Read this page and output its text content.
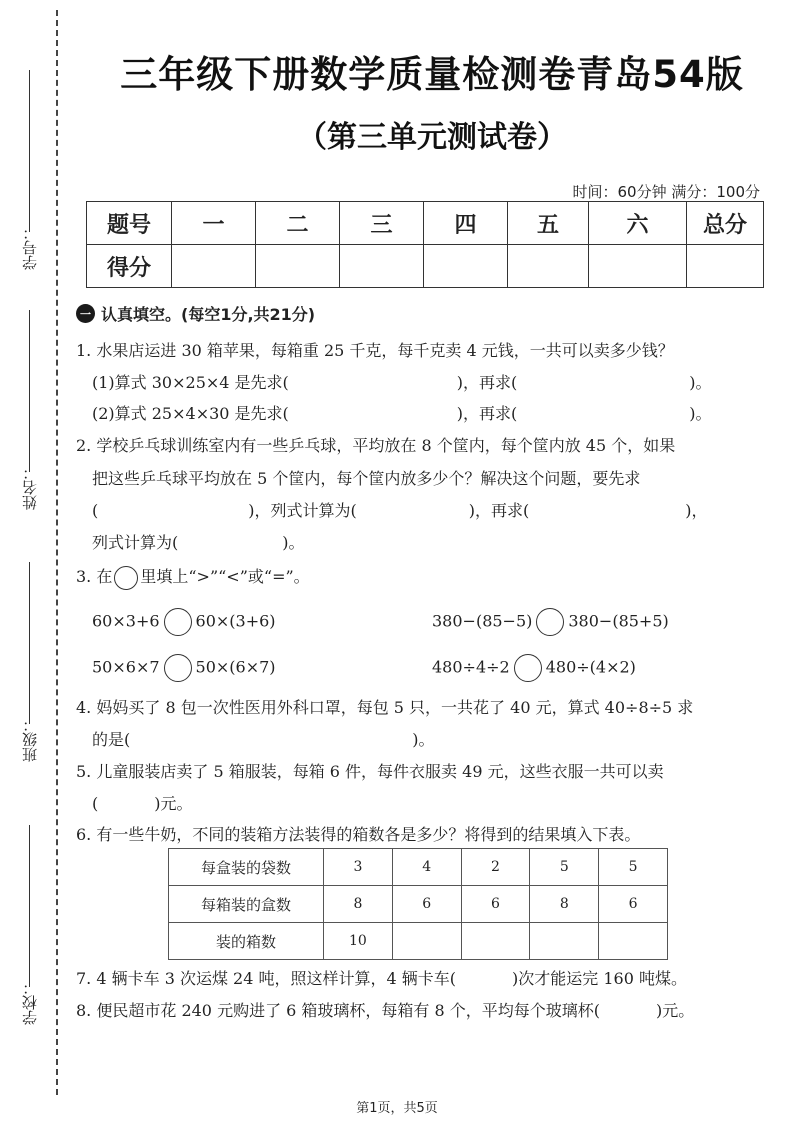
学号：
姓名：
班级：
学校：
三年级下册数学质量检测卷青岛54版
（第三单元测试卷）
时间：60分钟 满分：100分
题号	一	二	三	四	五	六	总分
得分							
一 认真填空。 (每空1分,共21分)
1. 水果店运进 30 箱苹果，每箱重 25 千克，每千克卖 4 元钱，一共可以卖多少钱？
(1)算式 30×25×4 是先求(	)，再求(	)。
(2)算式 25×4×30 是先求(	)，再求(	)。
2. 学校乒乓球训练室内有一些乒乓球，平均放在 8 个筐内，每个筐内放 45 个，如果
把这些乒乓球平均放在 5 个筐内，每个筐内放多少个？解决这个问题，要先求
(	)，列式计算为(	)，再求(	)，
列式计算为(	)。
3. 在 里填上“>”“<”或“=”。
60×3+6 60×(3+6)	380−(85−5) 380−(85+5)
50×6×7 50×(6×7)	480÷4÷2 480÷(4×2)
4. 妈妈买了 8 包一次性医用外科口罩，每包 5 只，一共花了 40 元，算式 40÷8÷5 求
的是(	)。
5. 儿童服装店卖了 5 箱服装，每箱 6 件，每件衣服卖 49 元，这些衣服一共可以卖
(	)元。
6. 有一些牛奶，不同的装箱方法装得的箱数各是多少？将得到的结果填入下表。
每盒装的袋数	3	4	2	5	5
每箱装的盒数	8	6	6	8	6
装的箱数	10				
7. 4 辆卡车 3 次运煤 24 吨，照这样计算，4 辆卡车(	)次才能运完 160 吨煤。
8. 便民超市花 240 元购进了 6 箱玻璃杯，每箱有 8 个，平均每个玻璃杯(	)元。
第1页，共5页
